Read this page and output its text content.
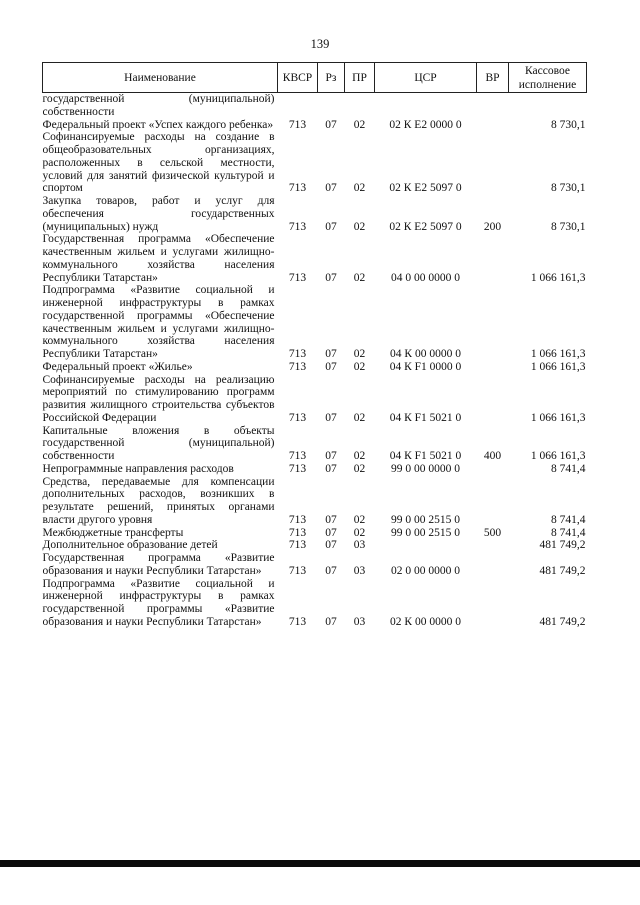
139
Наименование	КВСР	Рз	ПР	ЦСР	ВР	Кассовое исполнение
государственной (муниципальной) собственности						
Федеральный проект «Успех каждого ребенка»	713	07	02	02 К Е2 0000 0		8 730,1
Софинансируемые расходы на создание в общеобразовательных организациях, расположенных в сельской местности, условий для занятий физической культурой и спортом	713	07	02	02 К Е2 5097 0		8 730,1
Закупка товаров, работ и услуг для обеспечения государственных (муниципальных) нужд	713	07	02	02 К Е2 5097 0	200	8 730,1
Государственная программа «Обеспечение качественным жильем и услугами жилищно-коммунального хозяйства населения Республики Татарстан»	713	07	02	04 0 00 0000 0		1 066 161,3
Подпрограмма «Развитие социальной и инженерной инфраструктуры в рамках государственной программы «Обеспечение качественным жильем и услугами жилищно-коммунального хозяйства населения Республики Татарстан»	713	07	02	04 К 00 0000 0		1 066 161,3
Федеральный проект «Жилье»	713	07	02	04 К F1 0000 0		1 066 161,3
Софинансируемые расходы на реализацию мероприятий по стимулированию программ развития жилищного строительства субъектов Российской Федерации	713	07	02	04 К F1 5021 0		1 066 161,3
Капитальные вложения в объекты государственной (муниципальной) собственности	713	07	02	04 К F1 5021 0	400	1 066 161,3
Непрограммные направления расходов	713	07	02	99 0 00 0000 0		8 741,4
Средства, передаваемые для компенсации дополнительных расходов, возникших в результате решений, принятых органами власти другого уровня	713	07	02	99 0 00 2515 0		8 741,4
Межбюджетные трансферты	713	07	02	99 0 00 2515 0	500	8 741,4
Дополнительное образование детей	713	07	03			481 749,2
Государственная программа «Развитие образования и науки Республики Татарстан»	713	07	03	02 0 00 0000 0		481 749,2
Подпрограмма «Развитие социальной и инженерной инфраструктуры в рамках государственной программы «Развитие образования и науки Республики Татарстан»	713	07	03	02 К 00 0000 0		481 749,2
